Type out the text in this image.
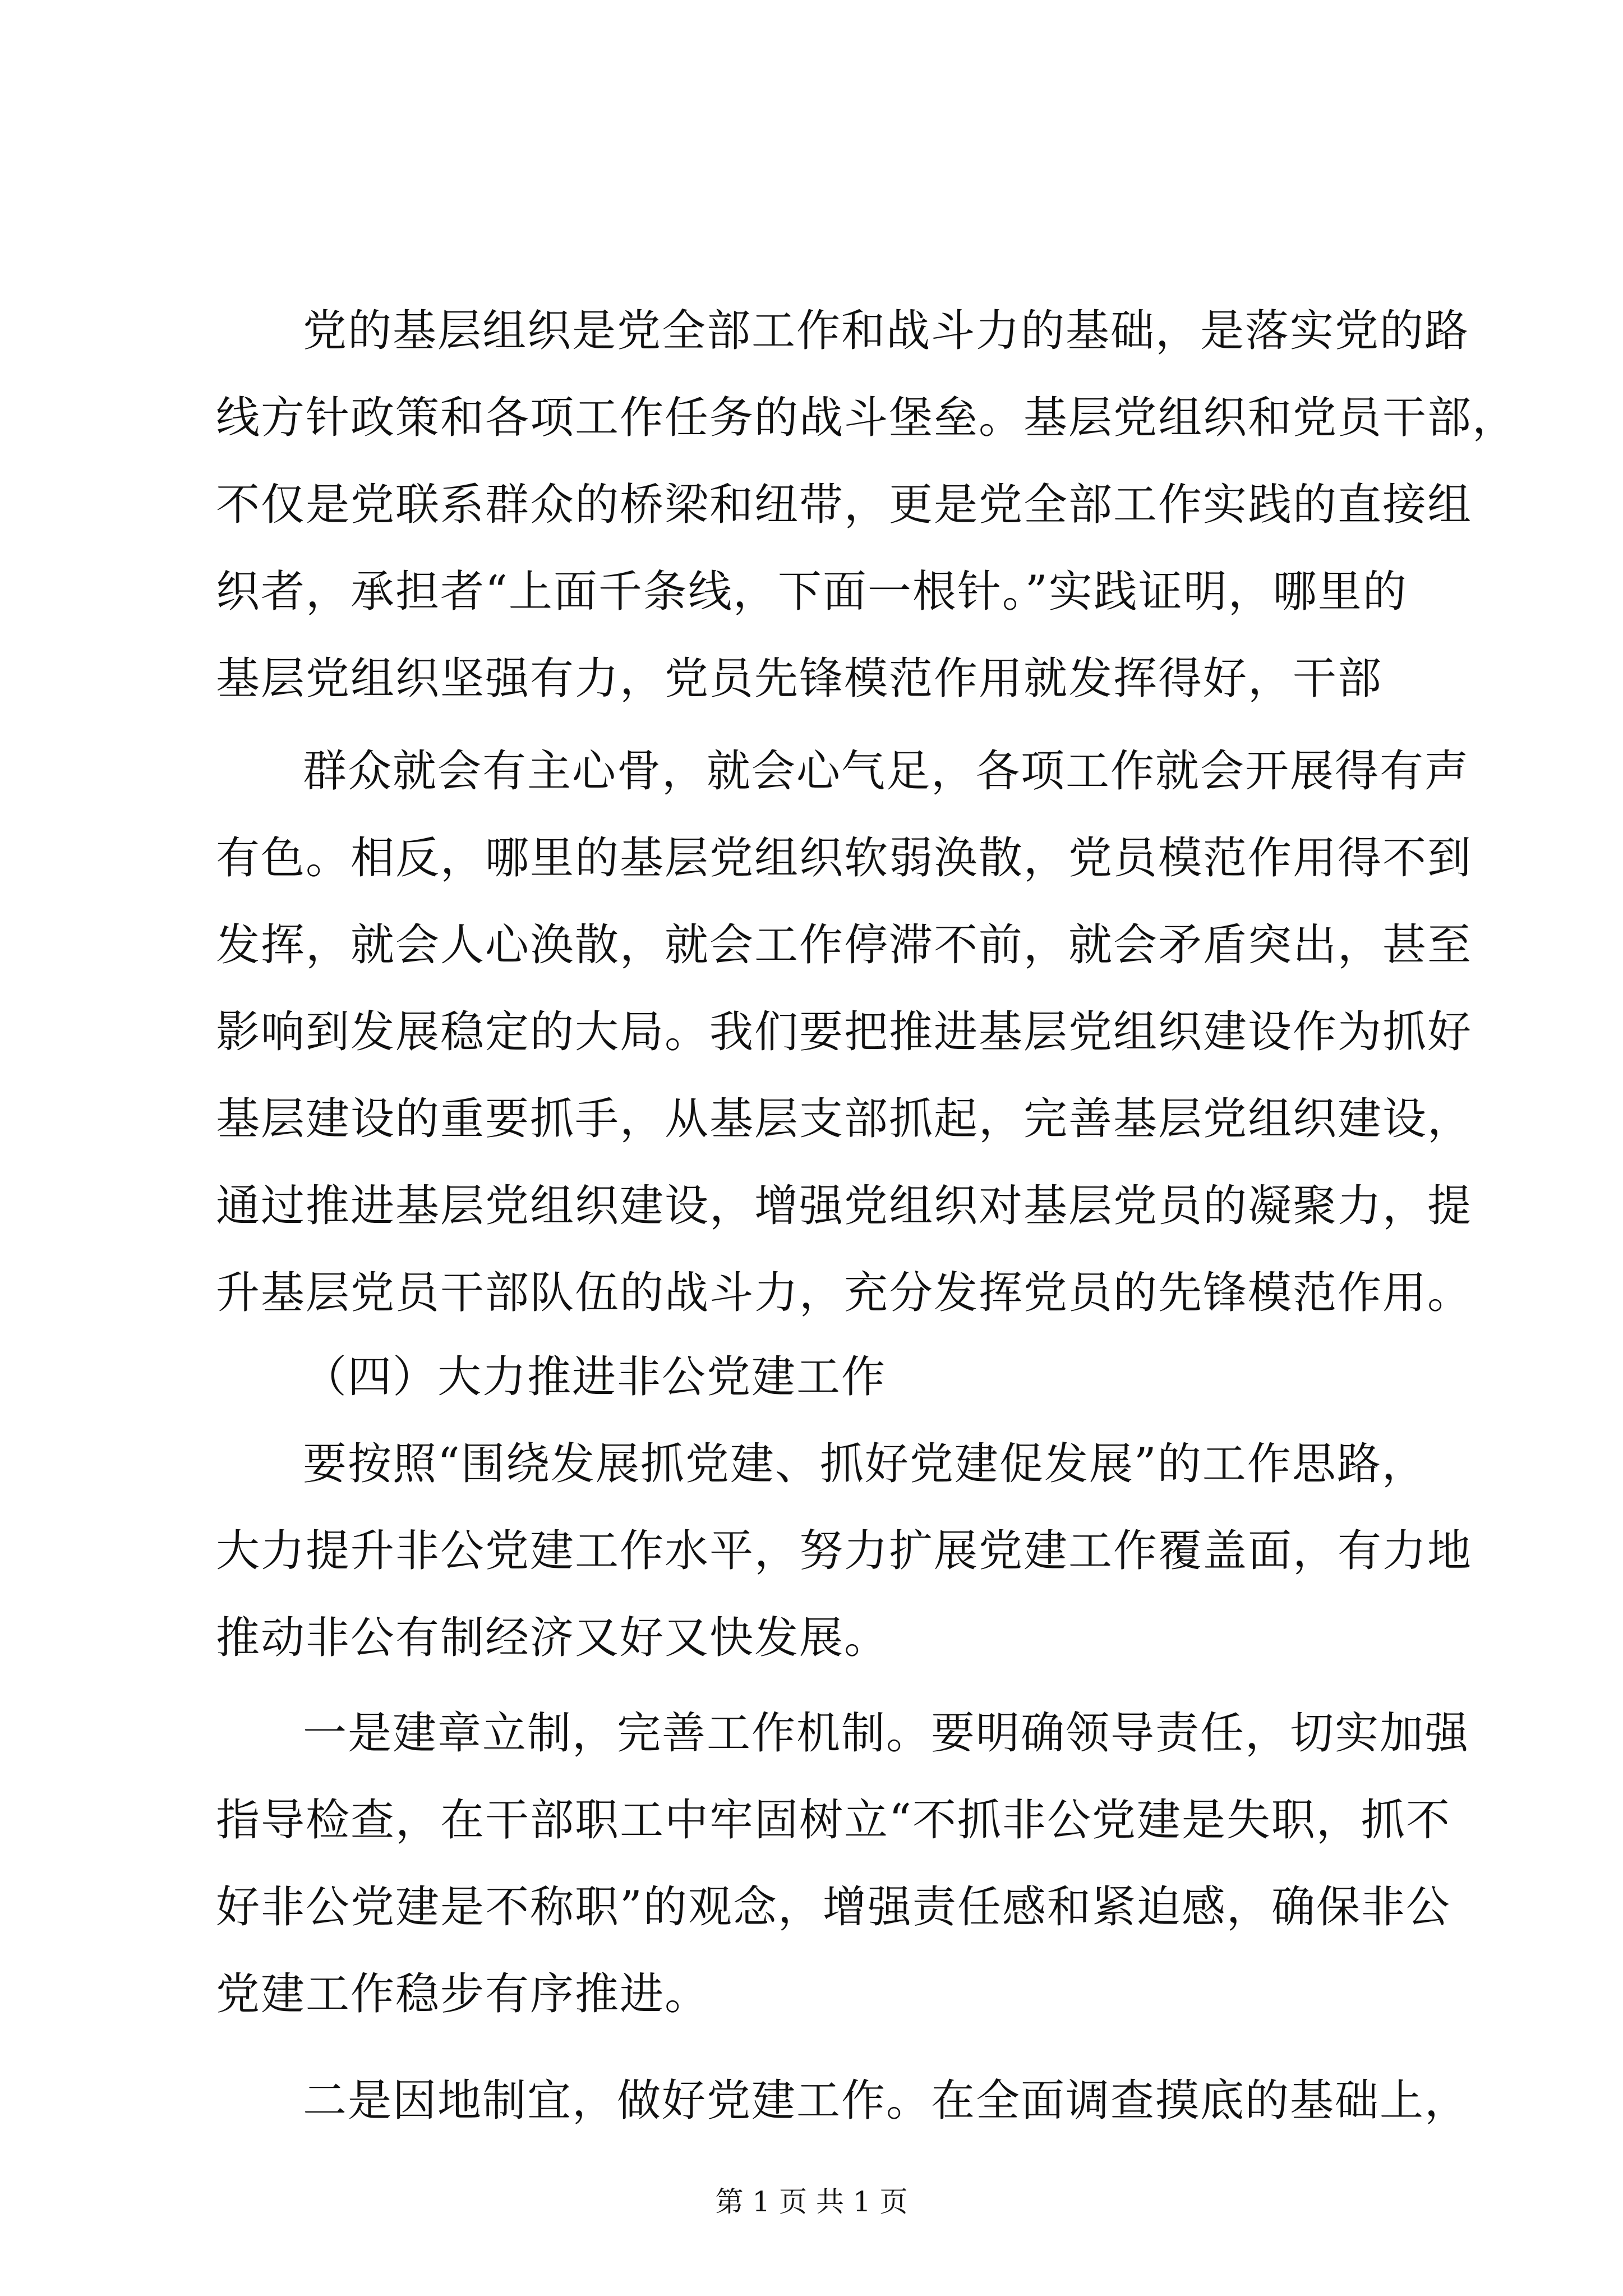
党的基层组织是党全部工作和战斗力的基础，是落实党的路
线方针政策和各项工作任务的战斗堡垒。基层党组织和党员干部，
不仅是党联系群众的桥梁和纽带，更是党全部工作实践的直接组
织者，承担者“上面千条线，下面一根针。”实践证明，哪里的
基层党组织坚强有力，党员先锋模范作用就发挥得好，干部
群众就会有主心骨，就会心气足，各项工作就会开展得有声
有色。相反，哪里的基层党组织软弱涣散，党员模范作用得不到
发挥，就会人心涣散，就会工作停滞不前，就会矛盾突出，甚至
影响到发展稳定的大局。我们要把推进基层党组织建设作为抓好
基层建设的重要抓手，从基层支部抓起，完善基层党组织建设，
通过推进基层党组织建设，增强党组织对基层党员的凝聚力，提
升基层党员干部队伍的战斗力，充分发挥党员的先锋模范作用。
（四）大力推进非公党建工作
要按照“围绕发展抓党建、抓好党建促发展”的工作思路，
大力提升非公党建工作水平，努力扩展党建工作覆盖面，有力地
推动非公有制经济又好又快发展。
一是建章立制，完善工作机制。要明确领导责任，切实加强
指导检查，在干部职工中牢固树立“不抓非公党建是失职，抓不
好非公党建是不称职”的观念，增强责任感和紧迫感，确保非公
党建工作稳步有序推进。
二是因地制宜，做好党建工作。在全面调查摸底的基础上，
第 1 页 共 1 页
